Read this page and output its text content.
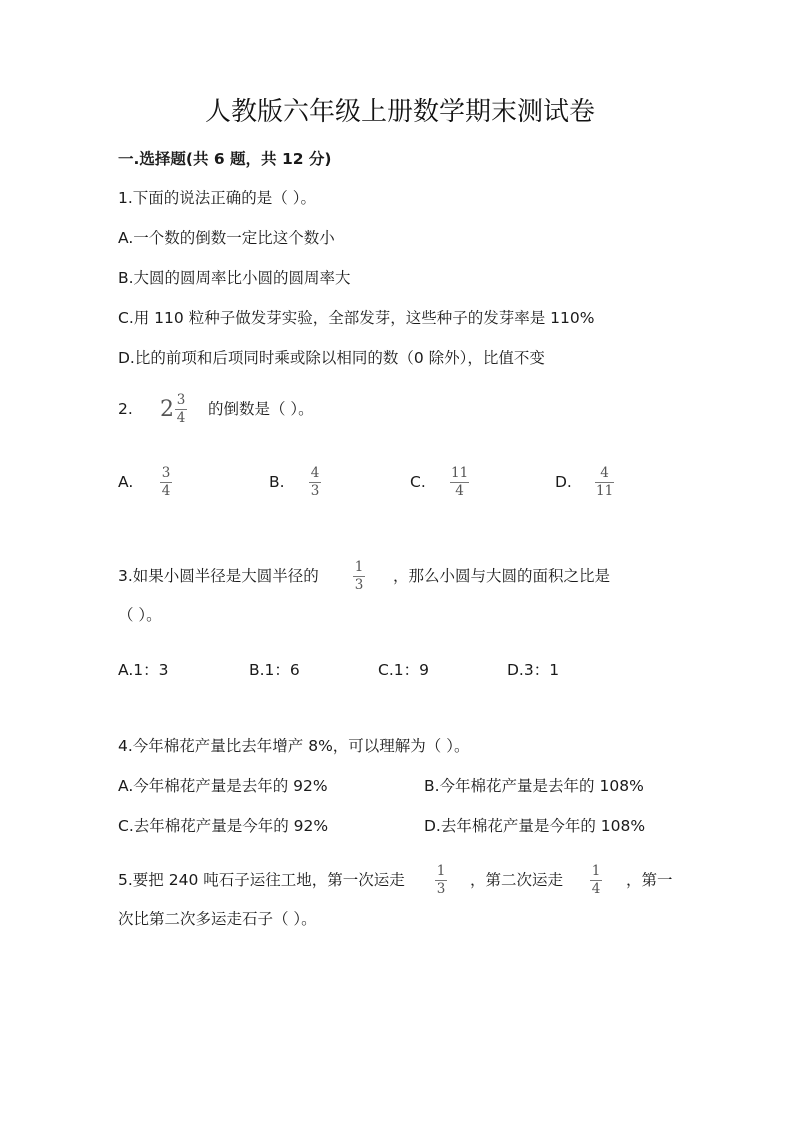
人教版六年级上册数学期末测试卷
一.选择题(共 6 题，共 12 分)
1.下面的说法正确的是（ ）。
A.一个数的倒数一定比这个数小
B.大圆的圆周率比小圆的圆周率大
C.用 110 粒种子做发芽实验，全部发芽，这些种子的发芽率是 110%
D.比的前项和后项同时乘或除以相同的数（0 除外），比值不变
2. $2 \frac{3}{4}$ 的倒数是（ ）。
A. 3
4	B. 4
3	C. 11
4	D. 4
11
3.如果小圆半径是大圆半径的	1
3 ，那么小圆与大圆的面积之比是
（ ）。
A.1：3	B.1：6	C.1：9	D.3：1
4.今年棉花产量比去年增产 8%，可以理解为（ ）。
A.今年棉花产量是去年的 92%	B.今年棉花产量是去年的 108%
C.去年棉花产量是今年的 92%	D.去年棉花产量是今年的 108%
5.要把 240 吨石子运往工地，第一次运走 1
3 ，第二次运走 1
4 ，第一
次比第二次多运走石子（ ）。
